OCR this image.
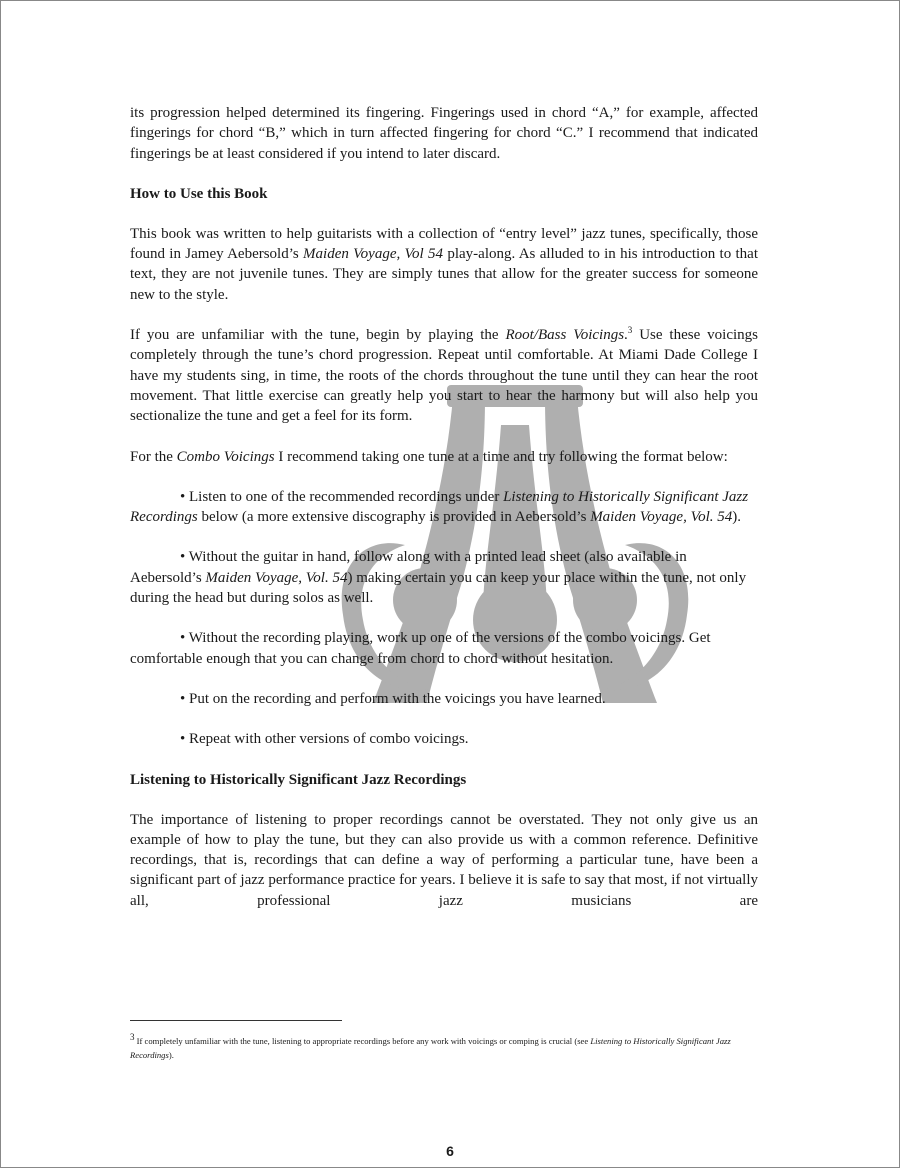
its progression helped determined its fingering. Fingerings used in chord “A,” for example, affected fingerings for chord “B,” which in turn affected fingering for chord “C.” I recommend that indicated fingerings be at least considered if you intend to later discard.

How to Use this Book

This book was written to help guitarists with a collection of “entry level” jazz tunes, specifically, those found in Jamey Aebersold’s Maiden Voyage, Vol 54 play-along. As alluded to in his introduction to that text, they are not juvenile tunes. They are simply tunes that allow for the greater success for someone new to the style.

If you are unfamiliar with the tune, begin by playing the Root/Bass Voicings.$^3$ Use these voicings completely through the tune’s chord progression. Repeat until comfortable. At Miami Dade College I have my students sing, in time, the roots of the chords throughout the tune until they can hear the root movement. That little exercise can greatly help you start to hear the harmony but will also help you sectionalize the tune and get a feel for its form.

For the Combo Voicings I recommend taking one tune at a time and try following the format below:

• Listen to one of the recommended recordings under Listening to Historically Significant Jazz Recordings below (a more extensive discography is provided in Aebersold’s Maiden Voyage, Vol. 54).

• Without the guitar in hand, follow along with a printed lead sheet (also available in Aebersold’s Maiden Voyage, Vol. 54) making certain you can keep your place within the tune, not only during the head but during solos as well.

• Without the recording playing, work up one of the versions of the combo voicings. Get comfortable enough that you can change from chord to chord without hesitation.

• Put on the recording and perform with the voicings you have learned.

• Repeat with other versions of combo voicings.

Listening to Historically Significant Jazz Recordings

The importance of listening to proper recordings cannot be overstated. They not only give us an example of how to play the tune, but they can also provide us with a common reference. Definitive recordings, that is, recordings that can define a way of performing a particular tune, have been a significant part of jazz performance practice for years. I believe it is safe to say that most, if not virtually all, professional jazz musicians are

$^3$ If completely unfamiliar with the tune, listening to appropriate recordings before any work with voicings or comping is crucial (see Listening to Historically Significant Jazz Recordings).

6
